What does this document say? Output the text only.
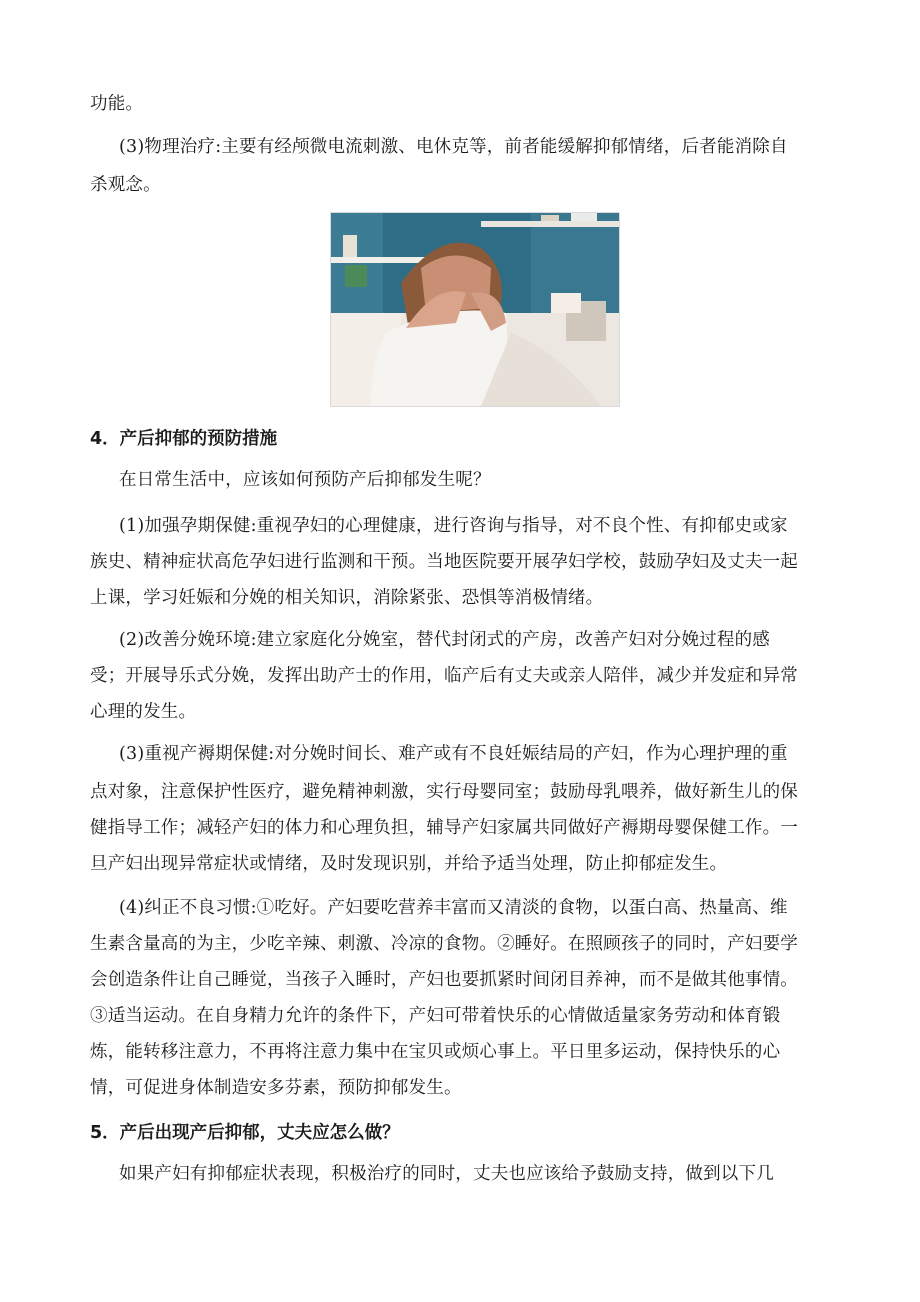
功能。
(3)物理治疗:主要有经颅微电流刺激、电休克等，前者能缓解抑郁情绪，后者能消除自
杀观念。
4．产后抑郁的预防措施
在日常生活中，应该如何预防产后抑郁发生呢？
(1)加强孕期保健:重视孕妇的心理健康，进行咨询与指导，对不良个性、有抑郁史或家
族史、精神症状高危孕妇进行监测和干预。当地医院要开展孕妇学校，鼓励孕妇及丈夫一起
上课，学习妊娠和分娩的相关知识，消除紧张、恐惧等消极情绪。
(2)改善分娩环境:建立家庭化分娩室，替代封闭式的产房，改善产妇对分娩过程的感
受；开展导乐式分娩，发挥出助产士的作用，临产后有丈夫或亲人陪伴，减少并发症和异常
心理的发生。
(3)重视产褥期保健:对分娩时间长、难产或有不良妊娠结局的产妇，作为心理护理的重
点对象，注意保护性医疗，避免精神刺激，实行母婴同室；鼓励母乳喂养，做好新生儿的保
健指导工作；减轻产妇的体力和心理负担，辅导产妇家属共同做好产褥期母婴保健工作。一
旦产妇出现异常症状或情绪，及时发现识别，并给予适当处理，防止抑郁症发生。
(4)纠正不良习惯:①吃好。产妇要吃营养丰富而又清淡的食物，以蛋白高、热量高、维
生素含量高的为主，少吃辛辣、刺激、冷凉的食物。②睡好。在照顾孩子的同时，产妇要学
会创造条件让自己睡觉，当孩子入睡时，产妇也要抓紧时间闭目养神，而不是做其他事情。
③适当运动。在自身精力允许的条件下，产妇可带着快乐的心情做适量家务劳动和体育锻
炼，能转移注意力，不再将注意力集中在宝贝或烦心事上。平日里多运动，保持快乐的心
情，可促进身体制造安多芬素，预防抑郁发生。
5．产后出现产后抑郁，丈夫应怎么做？
如果产妇有抑郁症状表现，积极治疗的同时，丈夫也应该给予鼓励支持，做到以下几
